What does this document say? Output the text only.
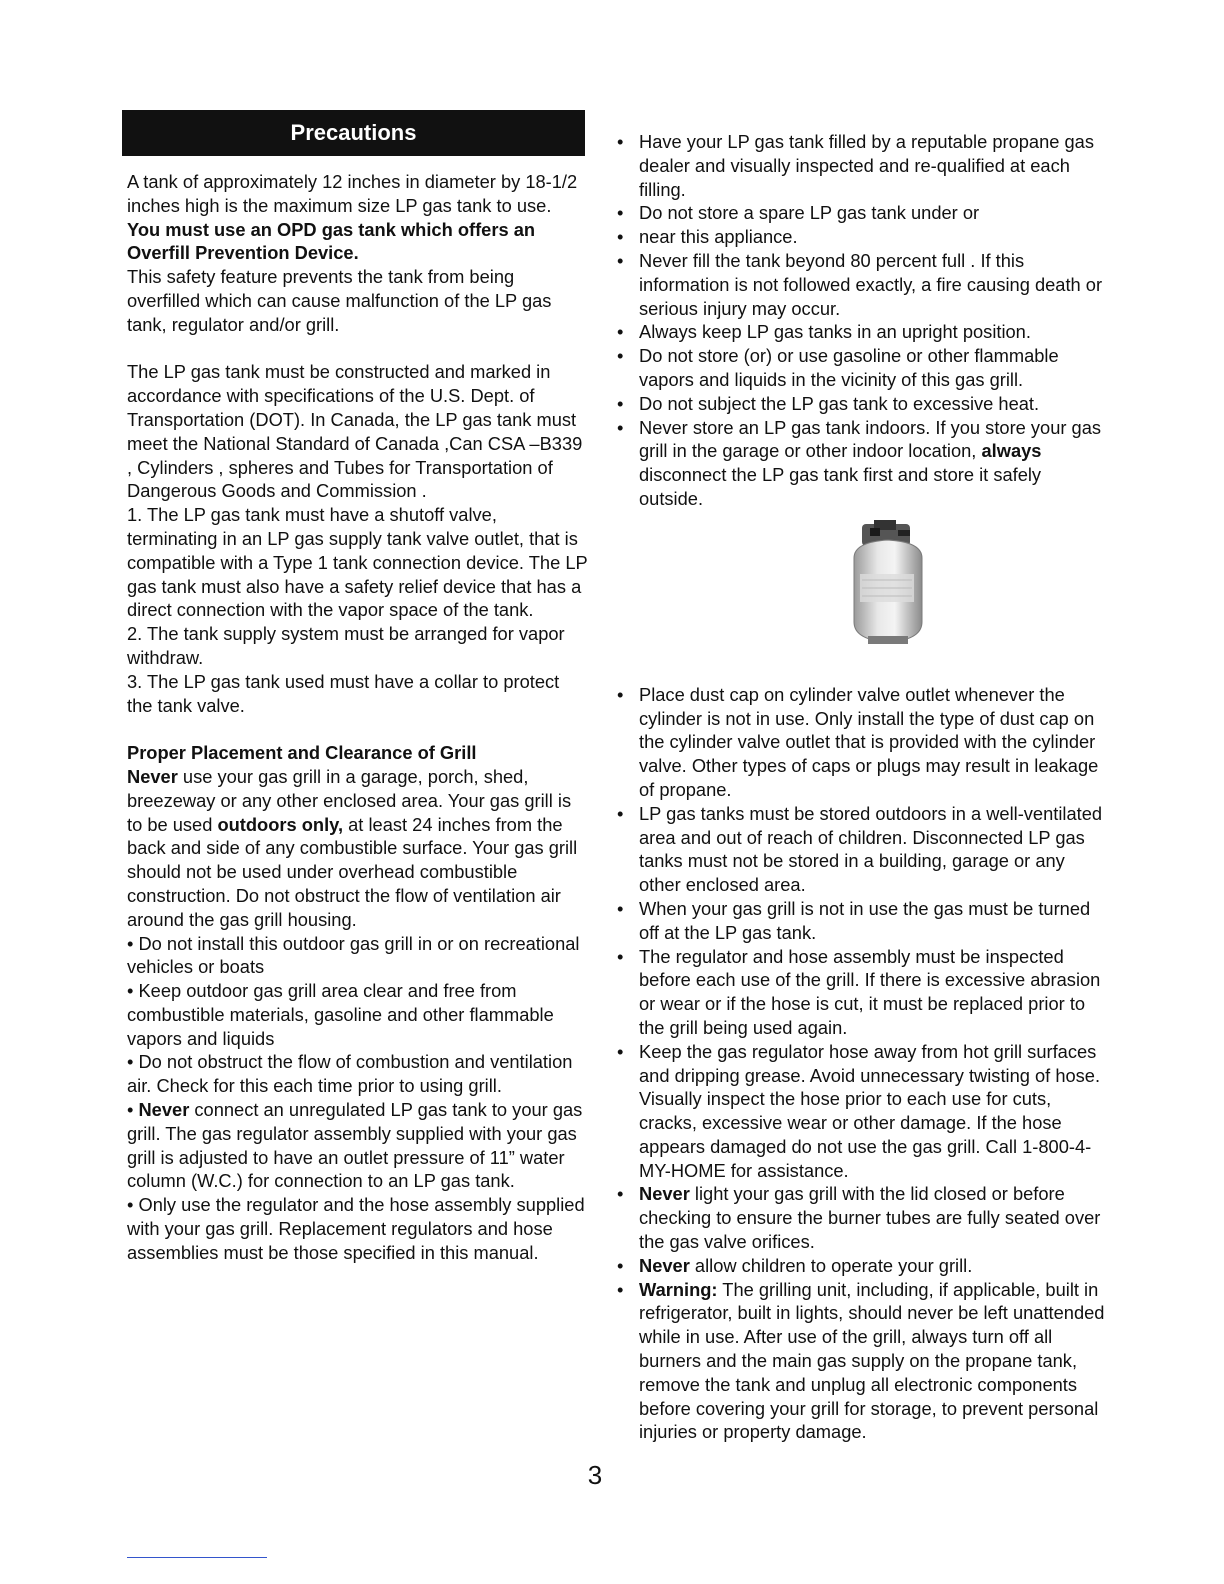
Precautions

A tank of approximately 12 inches in diameter by 18-1/2 inches high is the maximum size LP gas tank to use. You must use an OPD gas tank which offers an Overfill Prevention Device.

This safety feature prevents the tank from being overfilled which can cause malfunction of the LP gas tank, regulator and/or grill.

The LP gas tank must be constructed and marked in accordance with specifications of the U.S. Dept. of Transportation (DOT). In Canada, the LP gas tank must meet the National Standard of Canada ,Can CSA –B339 , Cylinders , spheres and Tubes for Transportation of Dangerous Goods and Commission .

1. The LP gas tank must have a shutoff valve, terminating in an LP gas supply tank valve outlet, that is compatible with a Type 1 tank connection device. The LP gas tank must also have a safety relief device that has a direct connection with the vapor space of the tank.

2. The tank supply system must be arranged for vapor withdraw.

3. The LP gas tank used must have a collar to protect the tank valve.

Proper Placement and Clearance of Grill

Never use your gas grill in a garage, porch, shed, breezeway or any other enclosed area. Your gas grill is to be used outdoors only, at least 24 inches from the back and side of any combustible surface. Your gas grill should not be used under overhead combustible construction. Do not obstruct the flow of ventilation air around the gas grill housing.

• Do not install this outdoor gas grill in or on recreational vehicles or boats

• Keep outdoor gas grill area clear and free from combustible materials, gasoline and other flammable vapors and liquids

• Do not obstruct the flow of combustion and ventilation air. Check for this each time prior to using grill.

• Never connect an unregulated LP gas tank to your gas grill. The gas regulator assembly supplied with your gas grill is adjusted to have an outlet pressure of 11” water column (W.C.) for connection to an LP gas tank.

• Only use the regulator and the hose assembly supplied with your gas grill. Replacement regulators and hose assemblies must be those specified in this manual.

• Have your LP gas tank filled by a reputable propane gas dealer and visually inspected and re-qualified at each filling.
• Do not store a spare LP gas tank under or
• near this appliance.
• Never fill the tank beyond 80 percent full . If this information is not followed exactly, a fire causing death or serious injury may occur.
• Always keep LP gas tanks in an upright position.
• Do not store (or) or use gasoline or other flammable vapors and liquids in the vicinity of this gas grill.
• Do not subject the LP gas tank to excessive heat.
• Never store an LP gas tank indoors. If you store your gas grill in the garage or other indoor location, always disconnect the LP gas tank first and store it safely outside.
• Place dust cap on cylinder valve outlet whenever the cylinder is not in use. Only install the type of dust cap on the cylinder valve outlet that is provided with the cylinder valve. Other types of caps or plugs may result in leakage of propane.
• LP gas tanks must be stored outdoors in a well-ventilated area and out of reach of children. Disconnected LP gas tanks must not be stored in a building, garage or any other enclosed area.
• When your gas grill is not in use the gas must be turned off at the LP gas tank.
• The regulator and hose assembly must be inspected before each use of the grill. If there is excessive abrasion or wear or if the hose is cut, it must be replaced prior to the grill being used again.
• Keep the gas regulator hose away from hot grill surfaces and dripping grease. Avoid unnecessary twisting of hose. Visually inspect the hose prior to each use for cuts, cracks, excessive wear or other damage. If the hose appears damaged do not use the gas grill. Call 1-800-4-MY-HOME for assistance.
• Never light your gas grill with the lid closed or before checking to ensure the burner tubes are fully seated over the gas valve orifices.
• Never allow children to operate your grill.
• Warning: The grilling unit, including, if applicable, built in refrigerator, built in lights, should never be left unattended while in use. After use of the grill, always turn off all burners and the main gas supply on the propane tank, remove the tank and unplug all electronic components before covering your grill for storage, to prevent personal injuries or property damage.
3
